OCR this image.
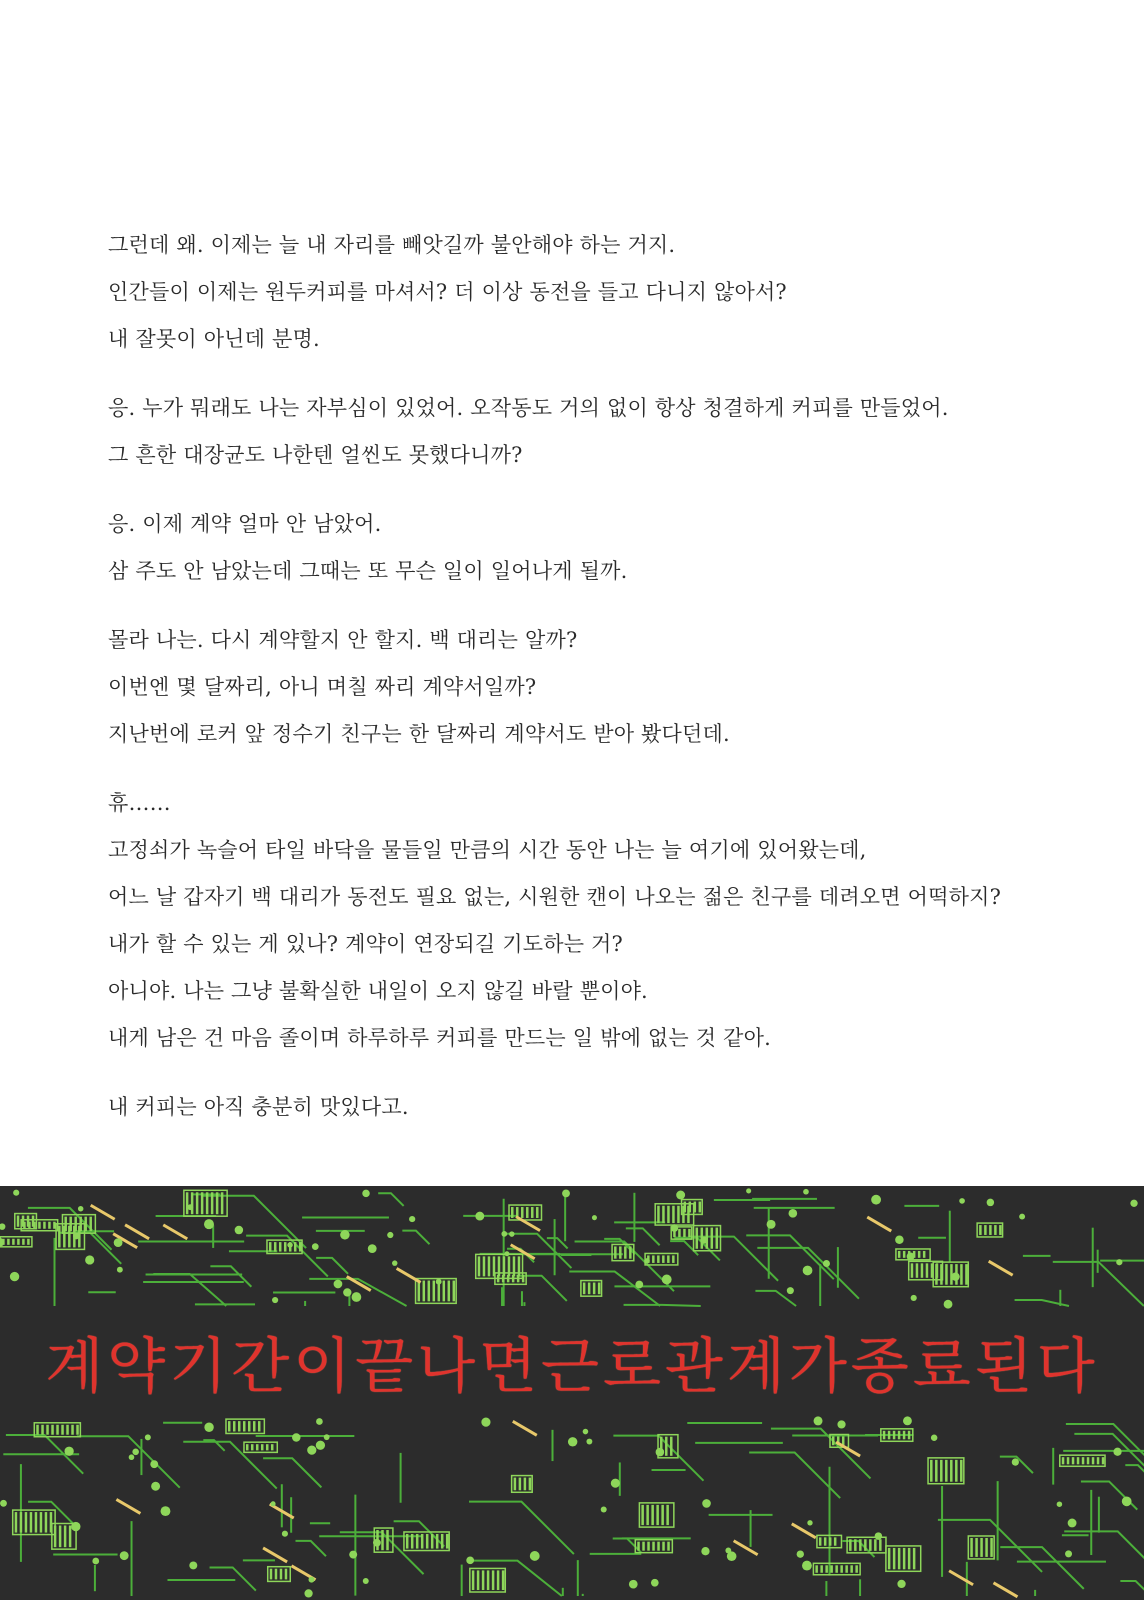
그런데 왜. 이제는 늘 내 자리를 빼앗길까 불안해야 하는 거지.
인간들이 이제는 원두커피를 마셔서? 더 이상 동전을 들고 다니지 않아서?
내 잘못이 아닌데 분명.
응. 누가 뭐래도 나는 자부심이 있었어. 오작동도 거의 없이 항상 청결하게 커피를 만들었어.
그 흔한 대장균도 나한텐 얼씬도 못했다니까?
응. 이제 계약 얼마 안 남았어.
삼 주도 안 남았는데 그때는 또 무슨 일이 일어나게 될까.
몰라 나는. 다시 계약할지 안 할지. 백 대리는 알까?
이번엔 몇 달짜리, 아니 며칠 짜리 계약서일까?
지난번에 로커 앞 정수기 친구는 한 달짜리 계약서도 받아 봤다던데.
휴……
고정쇠가 녹슬어 타일 바닥을 물들일 만큼의 시간 동안 나는 늘 여기에 있어왔는데,
어느 날 갑자기 백 대리가 동전도 필요 없는, 시원한 캔이 나오는 젊은 친구를 데려오면 어떡하지?
내가 할 수 있는 게 있나? 계약이 연장되길 기도하는 거?
아니야. 나는 그냥 불확실한 내일이 오지 않길 바랄 뿐이야.
내게 남은 건 마음 졸이며 하루하루 커피를 만드는 일 밖에 없는 것 같아.
내 커피는 아직 충분히 맛있다고.
계약기간이끝나면근로관계가종료된다
